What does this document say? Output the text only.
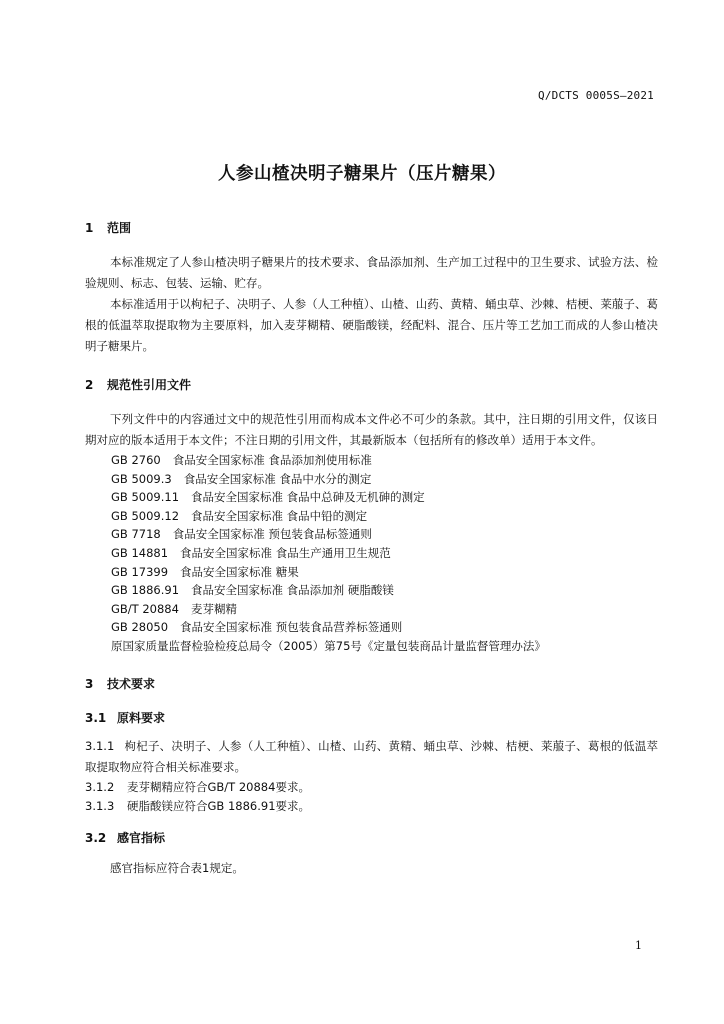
Q/DCTS 0005S—2021
人参山楂决明子糖果片（压片糖果）
1 范围

本标准规定了人参山楂决明子糖果片的技术要求、食品添加剂、生产加工过程中的卫生要求、试验方法、检验规则、标志、包装、运输、贮存。

本标准适用于以枸杞子、决明子、人参（人工种植）、山楂、山药、黄精、蛹虫草、沙棘、桔梗、莱菔子、葛根的低温萃取提取物为主要原料，加入麦芽糊精、硬脂酸镁，经配料、混合、压片等工艺加工而成的人参山楂决明子糖果片。

2 规范性引用文件

下列文件中的内容通过文中的规范性引用而构成本文件必不可少的条款。其中，注日期的引用文件，仅该日期对应的版本适用于本文件；不注日期的引用文件，其最新版本（包括所有的修改单）适用于本文件。

GB 2760 食品安全国家标准 食品添加剂使用标准
GB 5009.3 食品安全国家标准 食品中水分的测定
GB 5009.11 食品安全国家标准 食品中总砷及无机砷的测定
GB 5009.12 食品安全国家标准 食品中铅的测定
GB 7718 食品安全国家标准 预包装食品标签通则
GB 14881 食品安全国家标准 食品生产通用卫生规范
GB 17399 食品安全国家标准 糖果
GB 1886.91 食品安全国家标准 食品添加剂 硬脂酸镁
GB/T 20884 麦芽糊精
GB 28050 食品安全国家标准 预包装食品营养标签通则
原国家质量监督检验检疫总局令（2005）第75号《定量包装商品计量监督管理办法》
3 技术要求
3.1 原料要求

3.1.1 枸杞子、决明子、人参（人工种植）、山楂、山药、黄精、蛹虫草、沙棘、桔梗、莱菔子、葛根的低温萃取提取物应符合相关标准要求。

3.1.2 麦芽糊精应符合GB/T 20884要求。
3.1.3 硬脂酸镁应符合GB 1886.91要求。
3.2 感官指标

感官指标应符合表1规定。

1
